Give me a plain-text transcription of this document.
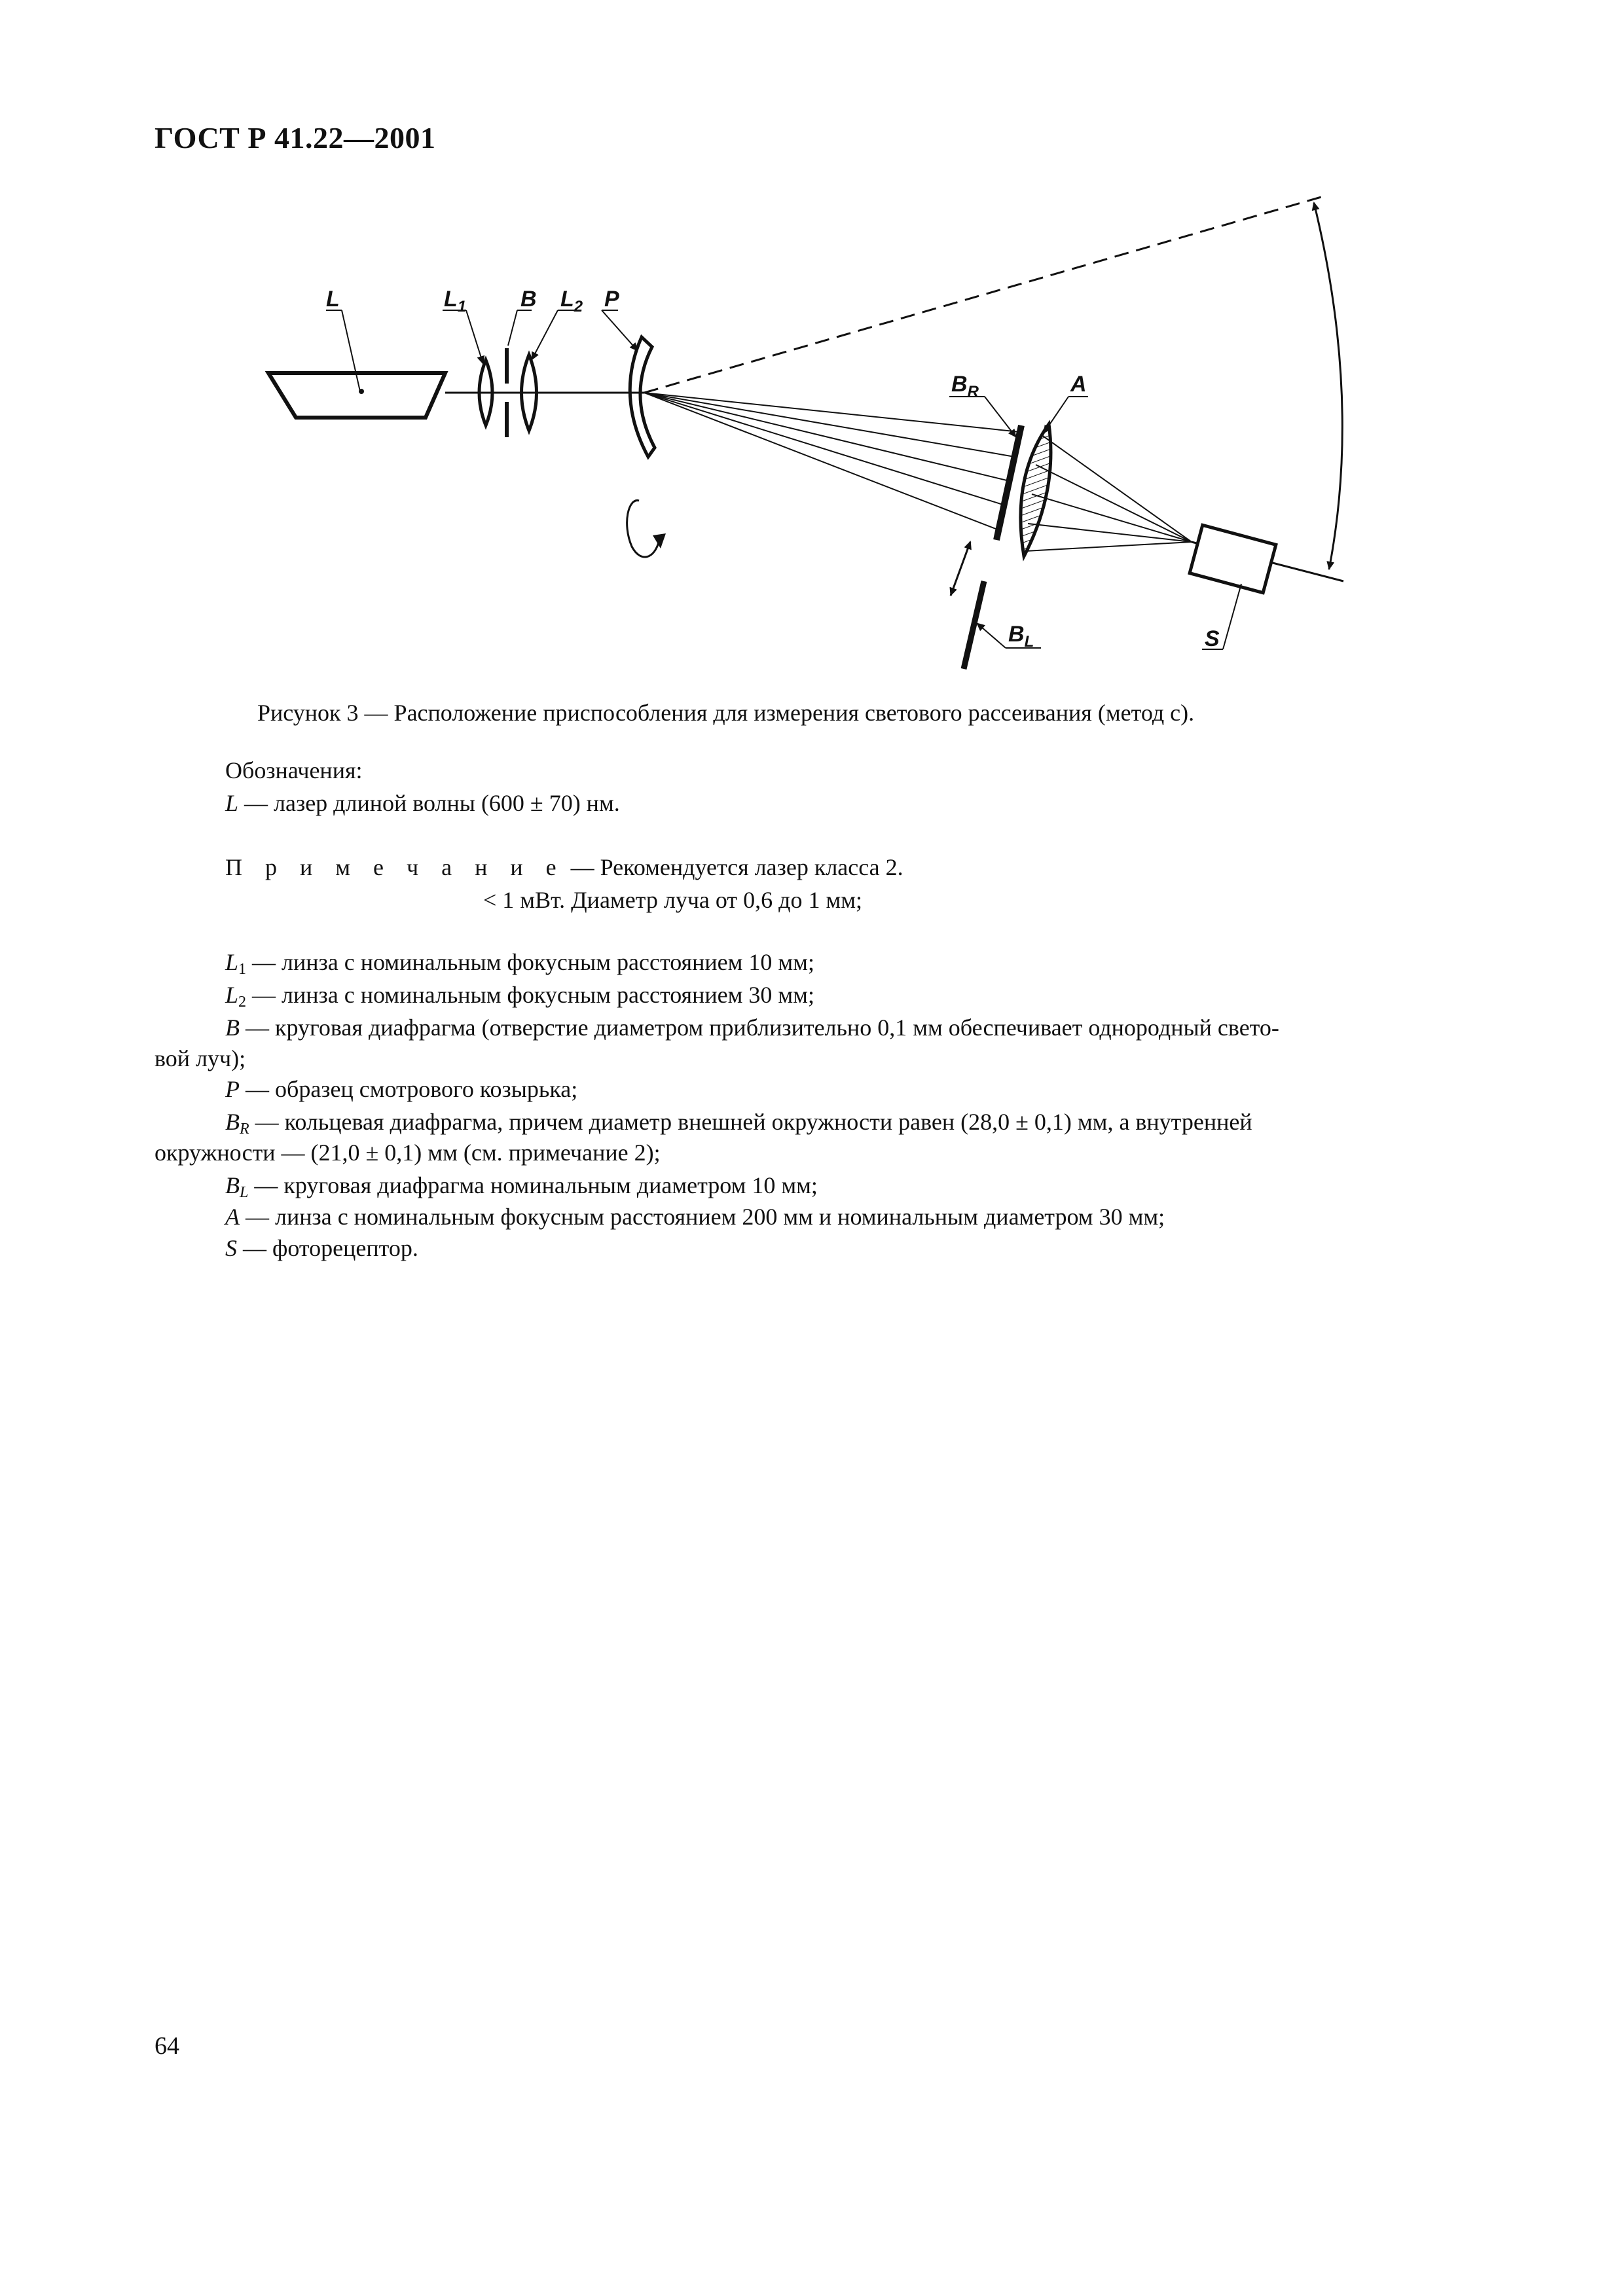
ГОСТ Р 41.22—2001
L	$L_1$ B $L_2$ P
$B_R$	A
$B_L$	S
Рисунок 3 — Расположение приспособления для измерения светового рассеивания (метод с).
Обозначения:
L — лазер длиной волны (600 ± 70) нм.
П р и м е ч а н и е — Рекомендуется лазер класса 2.
< 1 мВт. Диаметр луча от 0,6 до 1 мм;
$L_1$ — линза с номинальным фокусным расстоянием 10 мм;
$L_2$ — линза с номинальным фокусным расстоянием 30 мм;
B — круговая диафрагма (отверстие диаметром приблизительно 0,1 мм обеспечивает однородный свето-
вой луч);
P — образец смотрового козырька;
$B_R$ — кольцевая диафрагма, причем диаметр внешней окружности равен (28,0 ± 0,1) мм, а внутренней
окружности — (21,0 ± 0,1) мм (см. примечание 2);
$B_L$ — круговая диафрагма номинальным диаметром 10 мм;
A — линза с номинальным фокусным расстоянием 200 мм и номинальным диаметром 30 мм;
S — фоторецептор.
64
